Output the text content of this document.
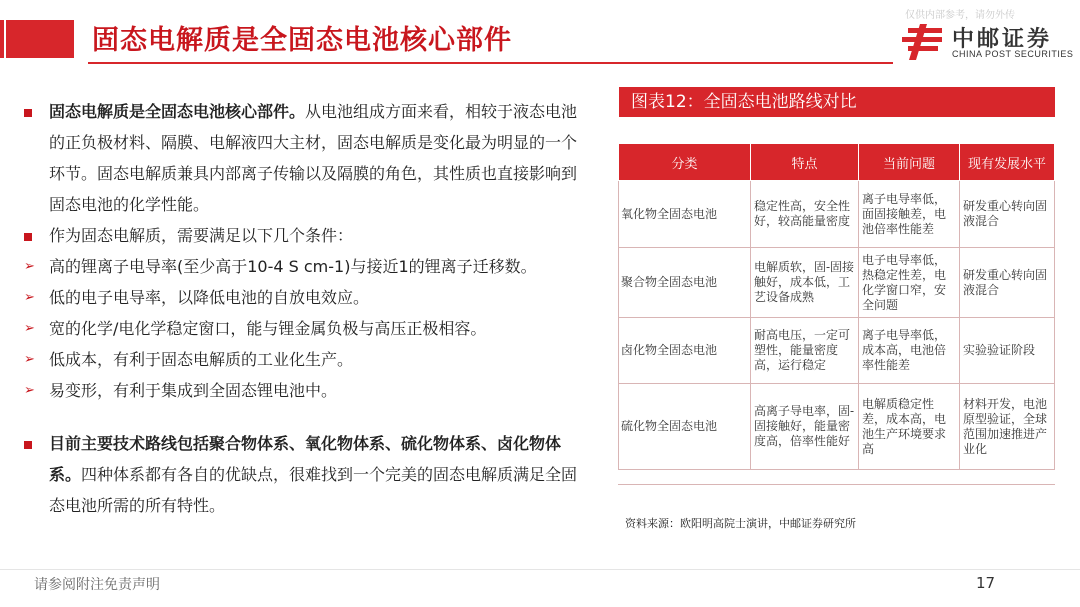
固态电解质是全固态电池核心部件
仅供内部参考，请勿外传
中邮证券
CHINA POST SECURITIES
固态电解质是全固态电池核心部件。从电池组成方面来看，相较于液态电池的正负极材料、隔膜、电解液四大主材，固态电解质是变化最为明显的一个环节。固态电解质兼具内部离子传输以及隔膜的角色，其性质也直接影响到固态电池的化学性能。
作为固态电解质，需要满足以下几个条件：
➢ 高的锂离子电导率(至少高于10-4 S cm-1)与接近1的锂离子迁移数。
➢ 低的电子电导率，以降低电池的自放电效应。
➢ 宽的化学/电化学稳定窗口，能与锂金属负极与高压正极相容。
➢ 低成本，有利于固态电解质的工业化生产。
➢ 易变形，有利于集成到全固态锂电池中。
目前主要技术路线包括聚合物体系、氧化物体系、硫化物体系、卤化物体系。四种体系都有各自的优缺点，很难找到一个完美的固态电解质满足全固态电池所需的所有特性。
图表12：全固态电池路线对比
分类	特点	当前问题	现有发展水平
氧化物全固态电池	稳定性高，安全性好，较高能量密度	离子电导率低，面固接触差，电池倍率性能差	研发重心转向固液混合
聚合物全固态电池	电解质软，固-固接触好，成本低，工艺设备成熟	电子电导率低，热稳定性差，电化学窗口窄，安全问题	研发重心转向固液混合
卤化物全固态电池	耐高电压，一定可塑性，能量密度高，运行稳定	离子电导率低，成本高，电池倍率性能差	实验验证阶段
硫化物全固态电池	高离子导电率，固-固接触好，能量密度高，倍率性能好	电解质稳定性差，成本高，电池生产环境要求高	材料开发，电池原型验证，全球范围加速推进产业化
资料来源：欧阳明高院士演讲，中邮证券研究所
请参阅附注免责声明	17
